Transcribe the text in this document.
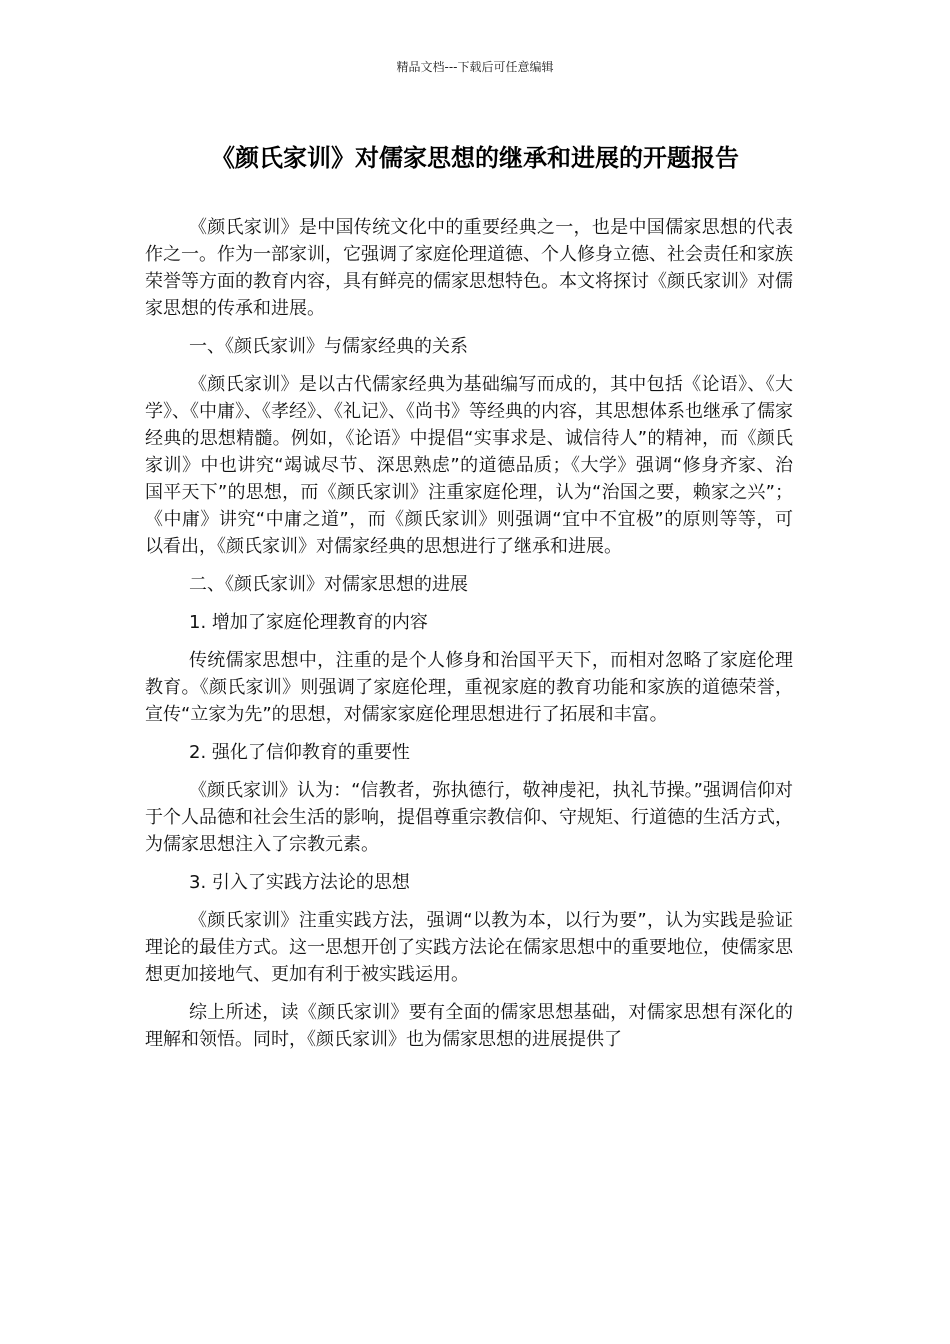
精品文档---下载后可任意编辑
《颜氏家训》对儒家思想的继承和进展的开题报告

《颜氏家训》是中国传统文化中的重要经典之一，也是中国儒家思想的代表作之一。作为一部家训，它强调了家庭伦理道德、个人修身立德、社会责任和家族荣誉等方面的教育内容，具有鲜亮的儒家思想特色。本文将探讨《颜氏家训》对儒家思想的传承和进展。

一、《颜氏家训》与儒家经典的关系

《颜氏家训》是以古代儒家经典为基础编写而成的，其中包括《论语》、《大学》、《中庸》、《孝经》、《礼记》、《尚书》等经典的内容，其思想体系也继承了儒家经典的思想精髓。例如，《论语》中提倡“实事求是、诚信待人”的精神，而《颜氏家训》中也讲究“竭诚尽节、深思熟虑”的道德品质；《大学》强调“修身齐家、治国平天下”的思想，而《颜氏家训》注重家庭伦理，认为“治国之要，赖家之兴”；《中庸》讲究“中庸之道”，而《颜氏家训》则强调“宜中不宜极”的原则等等，可以看出，《颜氏家训》对儒家经典的思想进行了继承和进展。

二、《颜氏家训》对儒家思想的进展

1. 增加了家庭伦理教育的内容

传统儒家思想中，注重的是个人修身和治国平天下，而相对忽略了家庭伦理教育。《颜氏家训》则强调了家庭伦理，重视家庭的教育功能和家族的道德荣誉，宣传“立家为先”的思想，对儒家家庭伦理思想进行了拓展和丰富。

2. 强化了信仰教育的重要性

《颜氏家训》认为：“信教者，弥执德行，敬神虔祀，执礼节操。”强调信仰对于个人品德和社会生活的影响，提倡尊重宗教信仰、守规矩、行道德的生活方式，为儒家思想注入了宗教元素。

3. 引入了实践方法论的思想

《颜氏家训》注重实践方法，强调“以教为本，以行为要”，认为实践是验证理论的最佳方式。这一思想开创了实践方法论在儒家思想中的重要地位，使儒家思想更加接地气、更加有利于被实践运用。

综上所述，读《颜氏家训》要有全面的儒家思想基础，对儒家思想有深化的理解和领悟。同时，《颜氏家训》也为儒家思想的进展提供了
